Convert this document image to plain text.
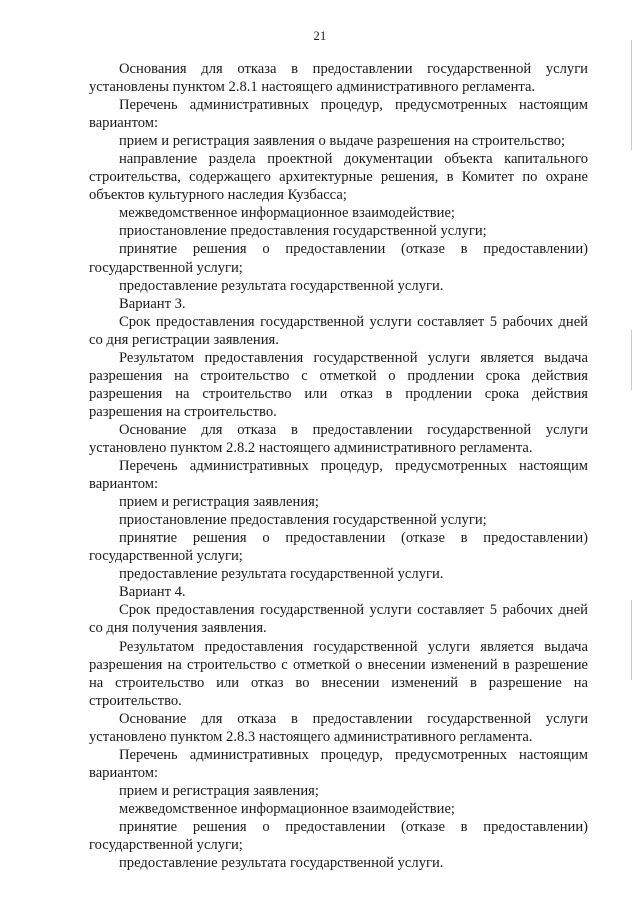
21

Основания для отказа в предоставлении государственной услуги установлены пунктом 2.8.1 настоящего административного регламента.

Перечень административных процедур, предусмотренных настоящим вариантом:

прием и регистрация заявления о выдаче разрешения на строительство;

направление раздела проектной документации объекта капитального строительства, содержащего архитектурные решения, в Комитет по охране объектов культурного наследия Кузбасса;

межведомственное информационное взаимодействие;

приостановление предоставления государственной услуги;

принятие решения о предоставлении (отказе в предоставлении) государственной услуги;

предоставление результата государственной услуги.

Вариант 3.

Срок предоставления государственной услуги составляет 5 рабочих дней со дня регистрации заявления.

Результатом предоставления государственной услуги является выдача разрешения на строительство с отметкой о продлении срока действия разрешения на строительство или отказ в продлении срока действия разрешения на строительство.

Основание для отказа в предоставлении государственной услуги установлено пунктом 2.8.2 настоящего административного регламента.

Перечень административных процедур, предусмотренных настоящим вариантом:

прием и регистрация заявления;

приостановление предоставления государственной услуги;

принятие решения о предоставлении (отказе в предоставлении) государственной услуги;

предоставление результата государственной услуги.

Вариант 4.

Срок предоставления государственной услуги составляет 5 рабочих дней со дня получения заявления.

Результатом предоставления государственной услуги является выдача разрешения на строительство с отметкой о внесении изменений в разрешение на строительство или отказ во внесении изменений в разрешение на строительство.

Основание для отказа в предоставлении государственной услуги установлено пунктом 2.8.3 настоящего административного регламента.

Перечень административных процедур, предусмотренных настоящим вариантом:

прием и регистрация заявления;

межведомственное информационное взаимодействие;

принятие решения о предоставлении (отказе в предоставлении) государственной услуги;

предоставление результата государственной услуги.
